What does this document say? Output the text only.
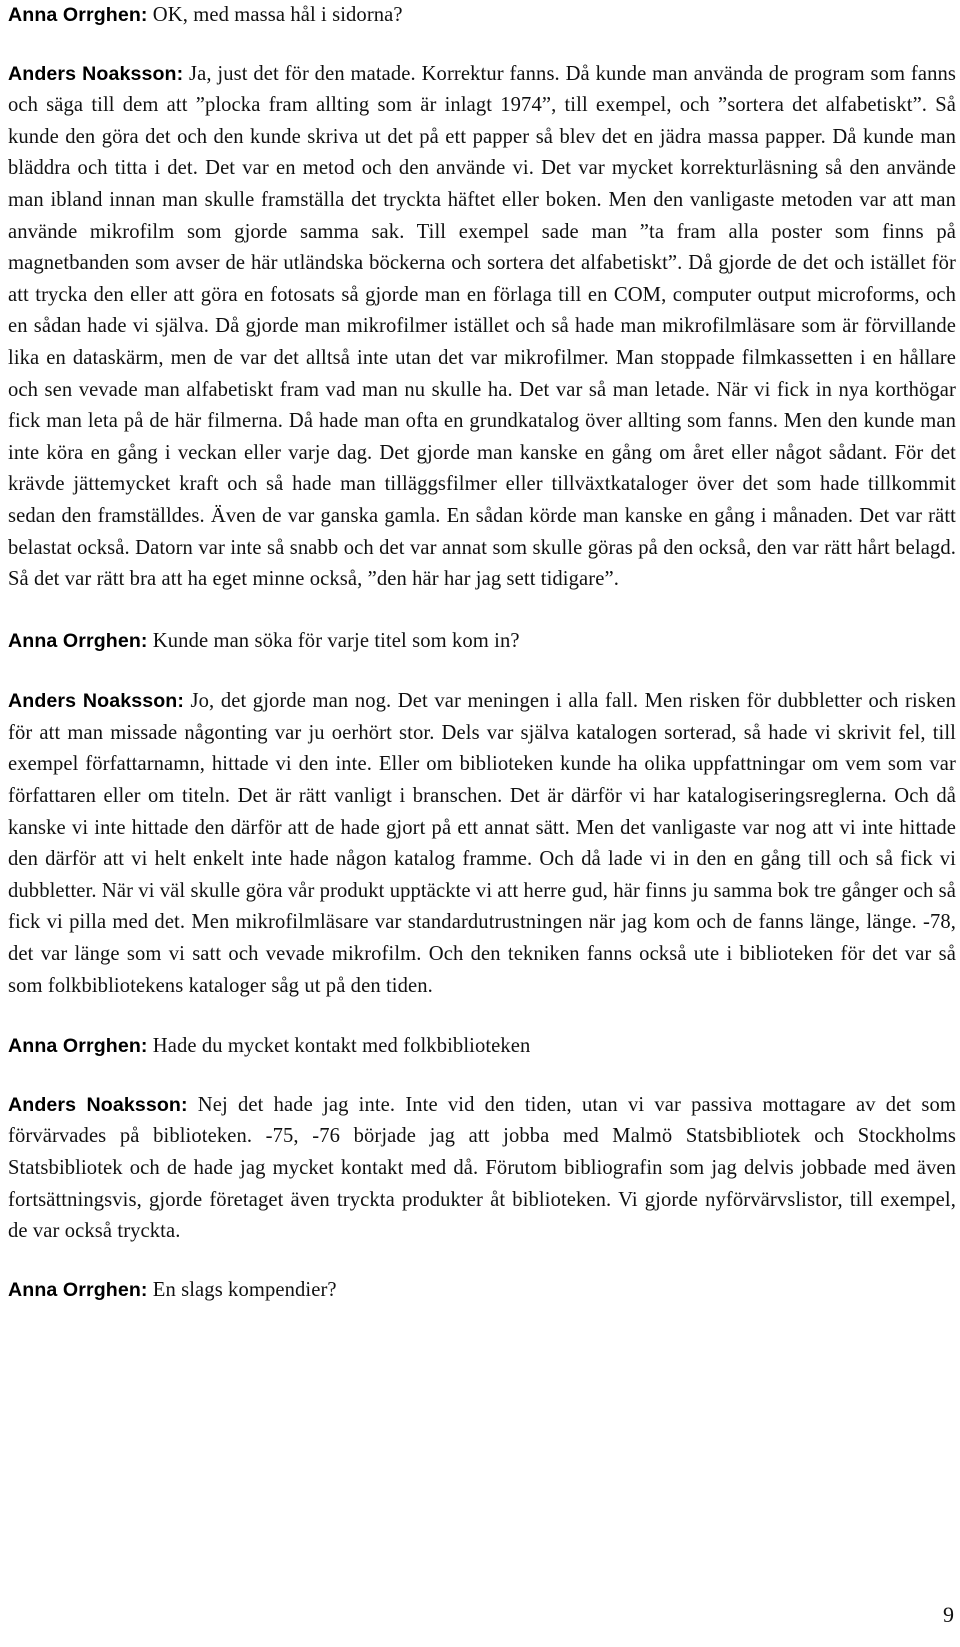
Anna Orrghen: OK, med massa hål i sidorna?

Anders Noaksson: Ja, just det för den matade. Korrektur fanns. Då kunde man använda de program som fanns och säga till dem att ”plocka fram allting som är inlagt 1974”, till exempel, och ”sortera det alfabetiskt”. Så kunde den göra det och den kunde skriva ut det på ett papper så blev det en jädra massa papper. Då kunde man bläddra och titta i det. Det var en metod och den använde vi. Det var mycket korrekturläsning så den använde man ibland innan man skulle framställa det tryckta häftet eller boken. Men den vanligaste metoden var att man använde mikrofilm som gjorde samma sak. Till exempel sade man ”ta fram alla poster som finns på magnetbanden som avser de här utländska böckerna och sortera det alfabetiskt”. Då gjorde de det och istället för att trycka den eller att göra en fotosats så gjorde man en förlaga till en COM, computer output microforms, och en sådan hade vi själva. Då gjorde man mikrofilmer istället och så hade man mikrofilmläsare som är förvillande lika en dataskärm, men de var det alltså inte utan det var mikrofilmer. Man stoppade filmkassetten i en hållare och sen vevade man alfabetiskt fram vad man nu skulle ha. Det var så man letade. När vi fick in nya korthögar fick man leta på de här filmerna. Då hade man ofta en grundkatalog över allting som fanns. Men den kunde man inte köra en gång i veckan eller varje dag. Det gjorde man kanske en gång om året eller något sådant. För det krävde jättemycket kraft och så hade man tilläggsfilmer eller tillväxtkataloger över det som hade tillkommit sedan den framställdes. Även de var ganska gamla. En sådan körde man kanske en gång i månaden. Det var rätt belastat också. Datorn var inte så snabb och det var annat som skulle göras på den också, den var rätt hårt belagd. Så det var rätt bra att ha eget minne också, ”den här har jag sett tidigare”.

Anna Orrghen: Kunde man söka för varje titel som kom in?

Anders Noaksson: Jo, det gjorde man nog. Det var meningen i alla fall. Men risken för dubbletter och risken för att man missade någonting var ju oerhört stor. Dels var själva katalogen sorterad, så hade vi skrivit fel, till exempel författarnamn, hittade vi den inte. Eller om biblioteken kunde ha olika uppfattningar om vem som var författaren eller om titeln. Det är rätt vanligt i branschen. Det är därför vi har katalogiseringsreglerna. Och då kanske vi inte hittade den därför att de hade gjort på ett annat sätt. Men det vanligaste var nog att vi inte hittade den därför att vi helt enkelt inte hade någon katalog framme. Och då lade vi in den en gång till och så fick vi dubbletter. När vi väl skulle göra vår produkt upptäckte vi att herre gud, här finns ju samma bok tre gånger och så fick vi pilla med det. Men mikrofilmläsare var standardutrustningen när jag kom och de fanns länge, länge. -78, det var länge som vi satt och vevade mikrofilm. Och den tekniken fanns också ute i biblioteken för det var så som folkbibliotekens kataloger såg ut på den tiden.

Anna Orrghen: Hade du mycket kontakt med folkbiblioteken

Anders Noaksson: Nej det hade jag inte. Inte vid den tiden, utan vi var passiva mottagare av det som förvärvades på biblioteken. -75, -76 började jag att jobba med Malmö Statsbibliotek och Stockholms Statsbibliotek och de hade jag mycket kontakt med då. Förutom bibliografin som jag delvis jobbade med även fortsättningsvis, gjorde företaget även tryckta produkter åt biblioteken. Vi gjorde nyförvärvslistor, till exempel, de var också tryckta.

Anna Orrghen: En slags kompendier?

9
